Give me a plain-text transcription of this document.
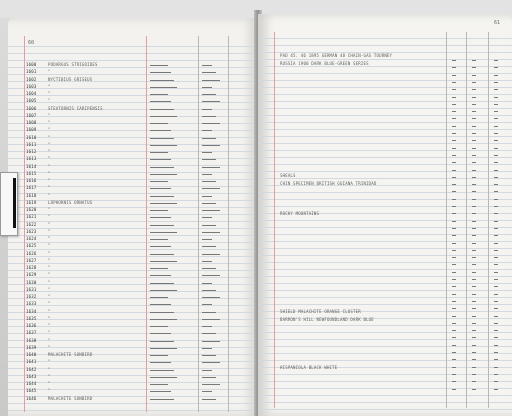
1600	PODARGUS STRIGOIDES
1601	"
1602	NYCTIBIUS GRISEUS
1603	"
1604	"
1605	"
1606	STEATORNIS CARIPENSIS
1607	"
1608	"
1609	"
1610	"
1611	"
1612	"
1613	"
1614	"
1615	"
1616	"
1617	"
1618	"
1619	LOPHORNIS ORNATUS
1620	"
1621	"
1622	"
1623	"
1624	"
1625	"
1626	"
1627	"
1628	"
1629	"
1630	"
1631	"
1632	"
1633	"
1634	"
1635	"
1636	"
1637	"
1638	"
1639	"
1640	MALACHITE SUNBIRD
1641	"
1642	"
1643	"
1644	"
1645	"
1646	MALACHITE SUNBIRD
PAD 45. 46 1895 GERMAN 48 CHAIN-GAS TOURNEY
RUSSIA 1900 DARK BLUE-GREEN SERIES
SHEALS
CHIN SPECIMEN BRITISH GUIANA TRINIDAD
ROCKY MOUNTAINS
SHIELD MALACHITE ORANGE CLUSTER
BARRON'S HILL NEWFOUNDLAND DARK BLUE
HISPANIOLA BLACK WHITE
60
61
